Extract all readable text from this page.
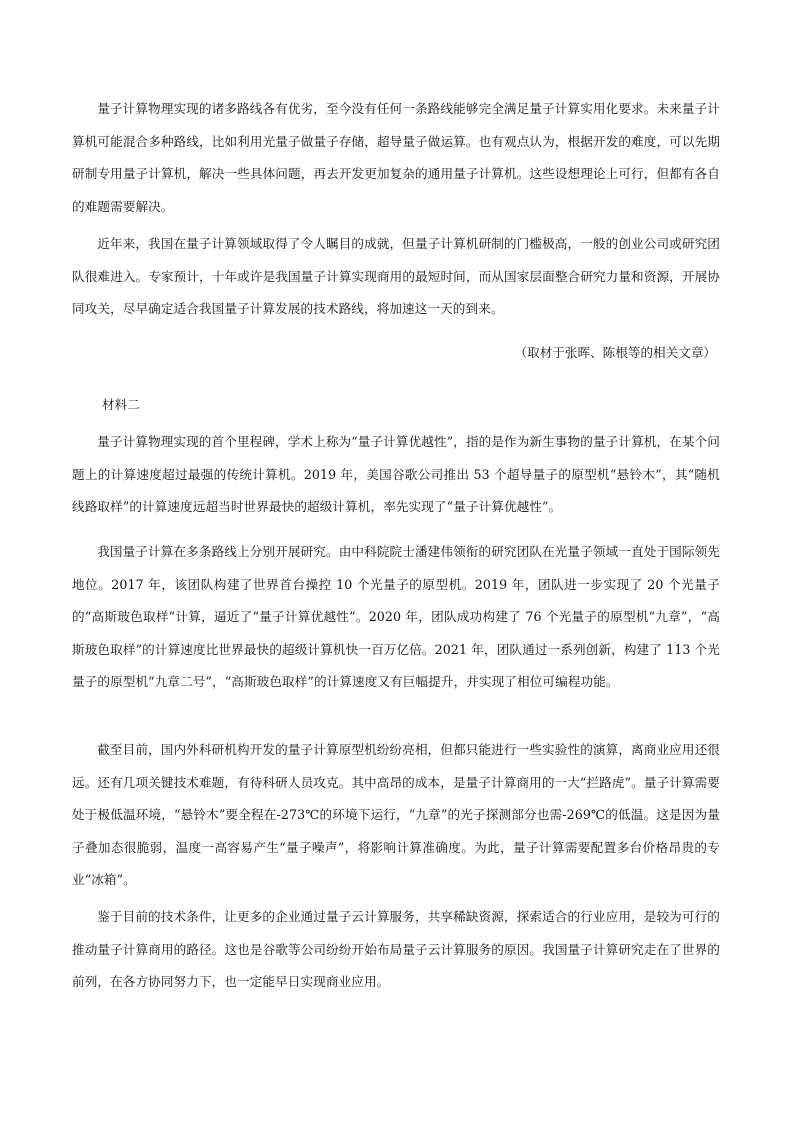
量子计算物理实现的诸多路线各有优劣，至今没有任何一条路线能够完全满足量子计算实用化要求。未来量子计算机可能混合多种路线，比如利用光量子做量子存储，超导量子做运算。也有观点认为，根据开发的难度，可以先期研制专用量子计算机，解决一些具体问题，再去开发更加复杂的通用量子计算机。这些设想理论上可行，但都有各自的难题需要解决。

近年来，我国在量子计算领域取得了令人瞩目的成就，但量子计算机研制的门槛极高，一般的创业公司或研究团队很难进入。专家预计，十年或许是我国量子计算实现商用的最短时间，而从国家层面整合研究力量和资源，开展协同攻关，尽早确定适合我国量子计算发展的技术路线，将加速这一天的到来。

（取材于张晖、陈根等的相关文章）

材料二

量子计算物理实现的首个里程碑，学术上称为“量子计算优越性”，指的是作为新生事物的量子计算机，在某个问题上的计算速度超过最强的传统计算机。2019 年，美国谷歌公司推出 53 个超导量子的原型机“悬铃木”，其“随机线路取样”的计算速度远超当时世界最快的超级计算机，率先实现了“量子计算优越性”。

我国量子计算在多条路线上分别开展研究。由中科院院士潘建伟领衔的研究团队在光量子领域一直处于国际领先地位。2017 年，该团队构建了世界首台操控 10 个光量子的原型机。2019 年，团队进一步实现了 20 个光量子的“高斯玻色取样”计算，逼近了“量子计算优越性”。2020 年，团队成功构建了 76 个光量子的原型机“九章”，“高斯玻色取样”的计算速度比世界最快的超级计算机快一百万亿倍。2021 年，团队通过一系列创新，构建了 113 个光量子的原型机“九章二号”，“高斯玻色取样”的计算速度又有巨幅提升，并实现了相位可编程功能。

截至目前，国内外科研机构开发的量子计算原型机纷纷亮相，但都只能进行一些实验性的演算，离商业应用还很远。还有几项关键技术难题，有待科研人员攻克。其中高昂的成本，是量子计算商用的一大“拦路虎”。量子计算需要处于极低温环境，“悬铃木”要全程在-273℃的环境下运行，“九章”的光子探测部分也需-269℃的低温。这是因为量子叠加态很脆弱，温度一高容易产生“量子噪声”，将影响计算准确度。为此，量子计算需要配置多台价格昂贵的专业“冰箱”。

鉴于目前的技术条件，让更多的企业通过量子云计算服务，共享稀缺资源，探索适合的行业应用，是较为可行的推动量子计算商用的路径。这也是谷歌等公司纷纷开始布局量子云计算服务的原因。我国量子计算研究走在了世界的前列，在各方协同努力下，也一定能早日实现商业应用。
